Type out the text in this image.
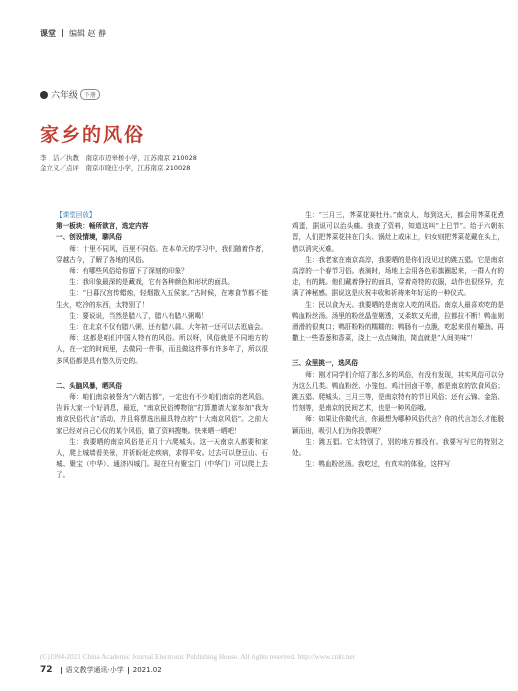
课堂 编辑 赵 静
六年级	下册
家乡的风俗
李　洁／执教　南京市迈皋桥小学，江苏南京 210028
金立义／点评　南京市晓庄小学，江苏南京 210028

【课堂回放】

第一板块：畅所欲言，选定内容

一、创设情境，聊风俗

师：十里不同风，百里不同俗。在本单元的学习中，我们随着作者，穿越古今，了解了各地的风俗。

师：有哪些风俗给你留下了深刻的印象？

生：我印象最深的是藏戏，它有各种颜色和形状的面具。

生：“日暮汉宫传蜡烛，轻烟散入五侯家。”古时候，在寒食节都不能生火，吃冷的东西，太特别了！

生：要说说，当然是腊八了，腊八有腊八粥喝！

生：在北京不仅有腊八粥，还有腊八蒜。大年初一还可以去逛庙会。

师：这都是咱们中国人特有的风俗。所以呀，风俗就是不同地方的人，在一定的时间里，去做同一件事，而且做这件事有许多年了，所以很多风俗都是具有悠久历史的。

二、头脑风暴，晒风俗

师：咱们南京被誉为“六朝古都”，一定也有不少咱们南京的老风俗。告诉大家一个好消息，最近，“南京民俗博物馆”打算邀请大家参加“我为南京民俗代言”活动，并且将票选出最具特点的“十大南京风俗”。之前大家已经对自己心仪的某个风俗，做了资料搜集。快来晒一晒吧！

生：我要晒的南京风俗是正月十六爬城头。这一天南京人都要和家人，爬上城墙看美景，并祈盼赶走疾病，求得平安。过去可以登豆山、石城、聚宝（中华）、通济四城门。现在只有聚宝门（中华门）可以爬上去了。

生：“三月三，荠菜花赛牡丹。”南京人，每到这天，都会用荠菜花煮鸡蛋，据说可以治头痛。我查了资料，知道这叫“上巳节”。给于六朝东晋，人们把荠菜花挂在门头、锅灶上或床上，妇女则把荠菜花戴在头上，借以消灾灭难。

生：我老家在南京高淳，我要晒的是你们没见过的跳五猖。它是南京高淳的一个春节习俗。表演时，场地上会用各色彩旗圈起来，一群人有的走，有的跳。他们戴着狰狞的面具，穿着奇特的衣服，动作也很怪异，充满了神秘感。据说这是庆祝丰收和祈祷来年好运的一种仪式。

生：民以食为天。我要晒的是南京人吃的风俗。南京人最喜欢吃的是鸭血粉丝汤。汤里的粉丝晶莹剔透，又柔软又光滑，拉都拉不断！鸭血则滑滑的很爽口；鸭肝粉粉的糯糯的；鸭肠有一点脆，吃起来很有嚼劲。再撒上一些香葱和香菜，浇上一点点辣油，简直就是“人间美味”！

三、众里挑一，选风俗

师：刚才同学们介绍了那么多的风俗，有没有发现，其实风俗可以分为这么几类。鸭血粉丝、小笼包、鸡汁回卤干等，都是南京的饮食风俗；跳五猖、爬城头、三月三等，是南京特有的节日风俗；还有云锦、金箔、竹刻等，是南京的民间艺术，也是一种风俗哦。

师：如果让你做代言，你最想为哪种风俗代言？你的代言怎么才能脱颖而出，吸引人们为你投票呢？

生：跳五猖。它太特别了，别的地方都没有。我要写写它的特别之处。

生：鸭血粉丝汤。我吃过，有真实的体验，这样写

(C)1994-2021 China Academic Journal Electronic Publishing House. All rights reserved. http://www.cnki.net
72 语文教学通讯·小学 2021.02
